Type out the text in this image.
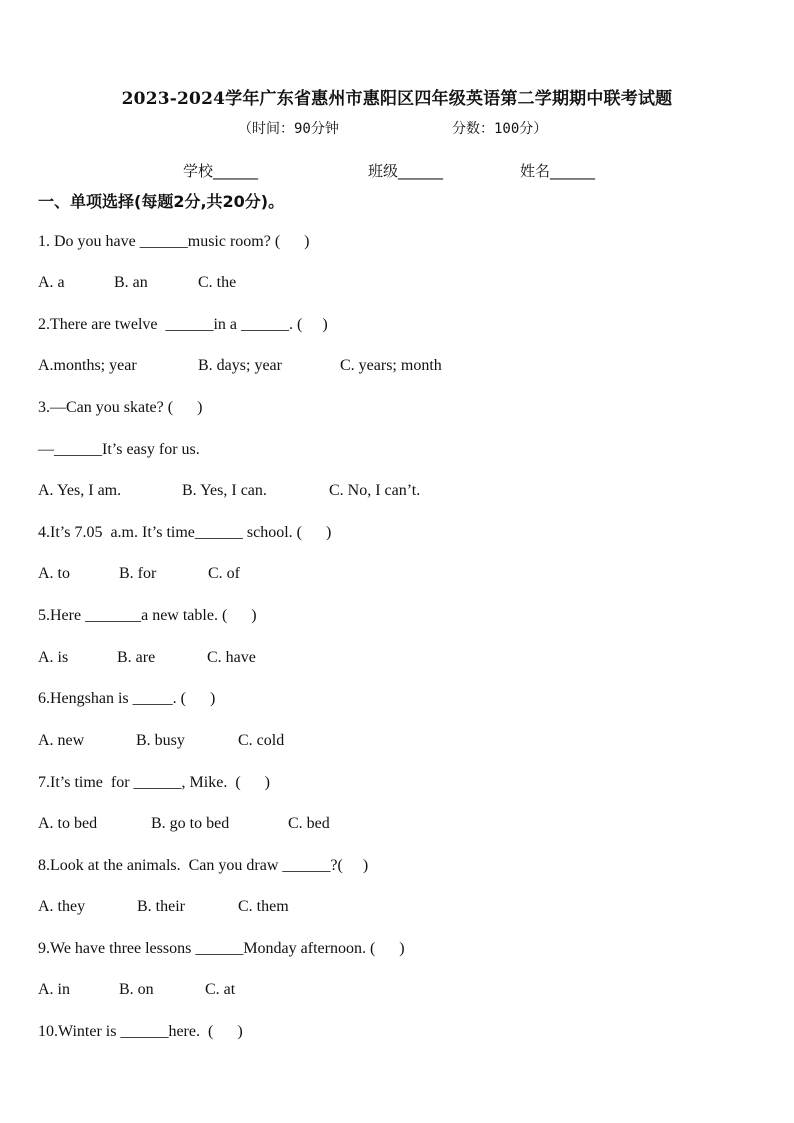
2023-2024学年广东省惠州市惠阳区四年级英语第二学期期中联考试题
（时间：90分钟	分数：100分）
学校______	班级______	姓名______
一、单项选择(每题2分,共20分)。
1. Do you have ______music room? (      )

A. a

	B. an

	C. the

2.There are twelve  ______in a ______. (     )

A.months; year

	B. days; year

	C. years; month

3.—Can you skate? (      )
—______It’s easy for us.

A. Yes, I am.

	B. Yes, I can.

	C. No, I can’t.

4.It’s 7.05  a.m. It’s time______ school. (      )

A. to

	B. for

	C. of

5.Here _______a new table. (      )

A. is

	B. are

	C. have

6.Hengshan is _____. (      )

A. new

	B. busy

	C. cold

7.It’s time  for ______, Mike.  (      )

A. to bed

	B. go to bed

	C. bed

8.Look at the animals.  Can you draw ______?(     )

A. they

	B. their

	C. them

9.We have three lessons ______Monday afternoon. (      )

A. in

	B. on

	C. at

10.Winter is ______here.  (      )
